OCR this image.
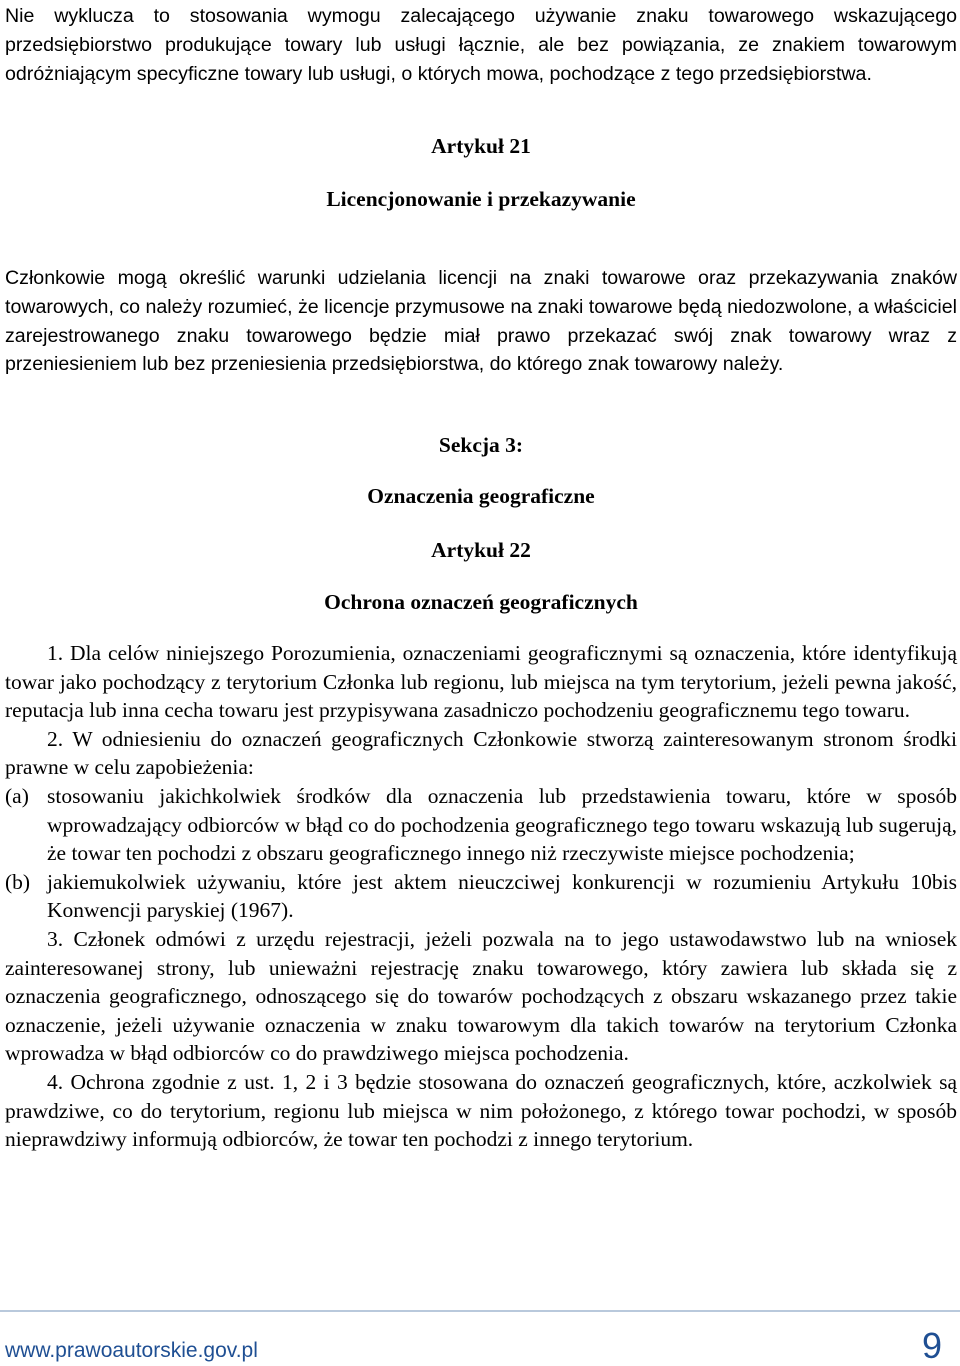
Nie wyklucza to stosowania wymogu zalecającego używanie znaku towarowego wskazującego przedsiębiorstwo produkujące towary lub usługi łącznie, ale bez powiązania, ze znakiem towarowym odróżniającym specyficzne towary lub usługi, o których mowa, pochodzące z tego przedsiębiorstwa.

Artykuł 21
Licencjonowanie i przekazywanie

Członkowie mogą określić warunki udzielania licencji na znaki towarowe oraz przekazywania znaków towarowych, co należy rozumieć, że licencje przymusowe na znaki towarowe będą niedozwolone, a właściciel zarejestrowanego znaku towarowego będzie miał prawo przekazać swój znak towarowy wraz z przeniesieniem lub bez przeniesienia przedsiębiorstwa, do którego znak towarowy należy.

Sekcja 3:
Oznaczenia geograficzne
Artykuł 22
Ochrona oznaczeń geograficznych

1. Dla celów niniejszego Porozumienia, oznaczeniami geograficznymi są oznaczenia, które identyfikują towar jako pochodzący z terytorium Członka lub regionu, lub miejsca na tym terytorium, jeżeli pewna jakość, reputacja lub inna cecha towaru jest przypisywana zasadniczo pochodzeniu geograficznemu tego towaru.

2. W odniesieniu do oznaczeń geograficznych Członkowie stworzą zainteresowanym stronom środki prawne w celu zapobieżenia:

(a) stosowaniu jakichkolwiek środków dla oznaczenia lub przedstawienia towaru, które w sposób wprowadzający odbiorców w błąd co do pochodzenia geograficznego tego towaru wskazują lub sugerują, że towar ten pochodzi z obszaru geograficznego innego niż rzeczywiste miejsce pochodzenia;
(b) jakiemukolwiek używaniu, które jest aktem nieuczciwej konkurencji w rozumieniu Artykułu 10bis Konwencji paryskiej (1967).

3. Członek odmówi z urzędu rejestracji, jeżeli pozwala na to jego ustawodawstwo lub na wniosek zainteresowanej strony, lub unieważni rejestrację znaku towarowego, który zawiera lub składa się z oznaczenia geograficznego, odnoszącego się do towarów pochodzących z obszaru wskazanego przez takie oznaczenie, jeżeli używanie oznaczenia w znaku towarowym dla takich towarów na terytorium Członka wprowadza w błąd odbiorców co do prawdziwego miejsca pochodzenia.

4. Ochrona zgodnie z ust. 1, 2 i 3 będzie stosowana do oznaczeń geograficznych, które, aczkolwiek są prawdziwe, co do terytorium, regionu lub miejsca w nim położonego, z którego towar pochodzi, w sposób nieprawdziwy informują odbiorców, że towar ten pochodzi z innego terytorium.

www.prawoautorskie.gov.pl	9
